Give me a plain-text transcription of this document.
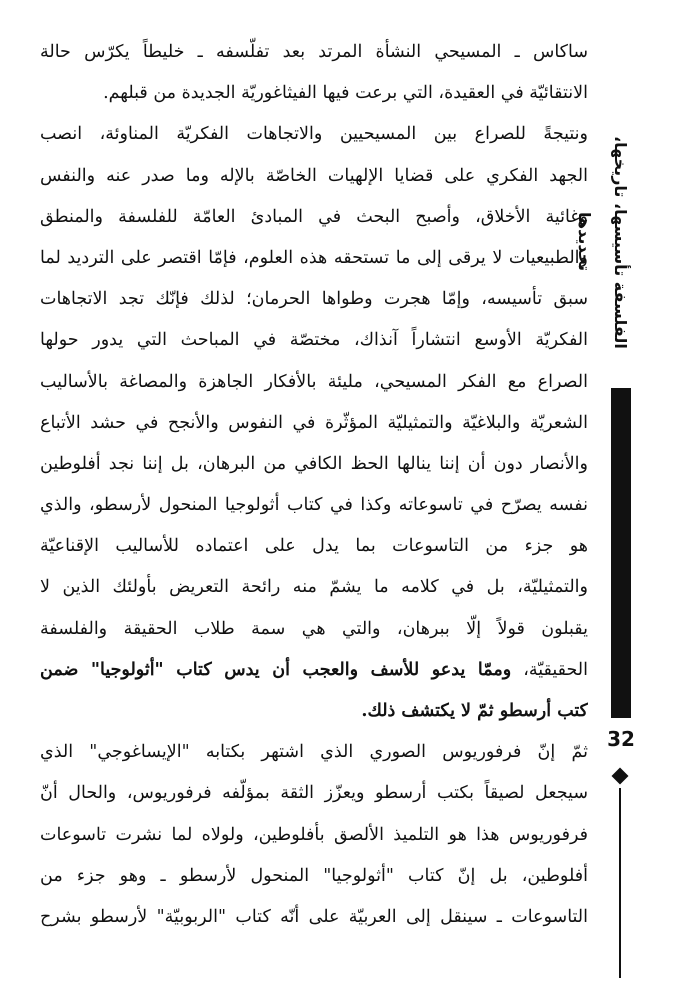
ساكاس ـ المسيحي النشأة المرتد بعد تفلّسفه ـ خليطاً يكرّس حالة
الانتقائيّة في العقيدة، التي برعت فيها الفيثاغوريّة الجديدة من قبلهم.
ونتيجةً للصراع بين المسيحيين والاتجاهات الفكريّة المناوئة، انصب
الجهد الفكري على قضايا الإلهيات الخاصّة بالإله وما صدر عنه والنفس
وغائية الأخلاق، وأصبح البحث في المبادئ العامّة للفلسفة والمنطق
والطبيعيات لا يرقى إلى ما تستحقه هذه العلوم، فإمّا اقتصر على الترديد لما
سبق تأسيسه، وإمّا هجرت وطواها الحرمان؛ لذلك فإنّك تجد الاتجاهات
الفكريّة الأوسع انتشاراً آنذاك، مختصّة في المباحث التي يدور حولها
الصراع مع الفكر المسيحي، مليئة بالأفكار الجاهزة والمصاغة بالأساليب
الشعريّة والبلاغيّة والتمثيليّة المؤثّرة في النفوس والأنجح في حشد الأتباع
والأنصار دون أن إننا ينالها الحظ الكافي من البرهان، بل إننا نجد أفلوطين
نفسه يصرّح في تاسوعاته وكذا في كتاب أثولوجيا المنحول لأرسطو، والذي
هو جزء من التاسوعات بما يدل على اعتماده للأساليب الإقناعيّة
والتمثيليّة، بل في كلامه ما يشمّ منه رائحة التعريض بأولئك الذين لا
يقبلون قولاً إلّا ببرهان، والتي هي سمة طلاب الحقيقة والفلسفة
الحقيقيّة، وممّا يدعو للأسف والعجب أن يدس كتاب "أثولوجيا" ضمن
كتب أرسطو ثمّ لا يكتشف ذلك.
ثمّ إنّ فرفوريوس الصوري الذي اشتهر بكتابه "الإيساغوجي" الذي
سيجعل لصيقاً بكتب أرسطو ويعزّز الثقة بمؤلّفه فرفوريوس، والحال أنّ
فرفوريوس هذا هو التلميذ الألصق بأفلوطين، ولولاه لما نشرت تاسوعات
أفلوطين، بل إنّ كتاب "أثولوجيا" المنحول لأرسطو ـ وهو جزء من
التاسوعات ـ سينقل إلى العربيّة على أنّه كتاب "الربوبيّة" لأرسطو بشرح
الفلسفة تأسيسها، تاريخها، تجديدها
32
